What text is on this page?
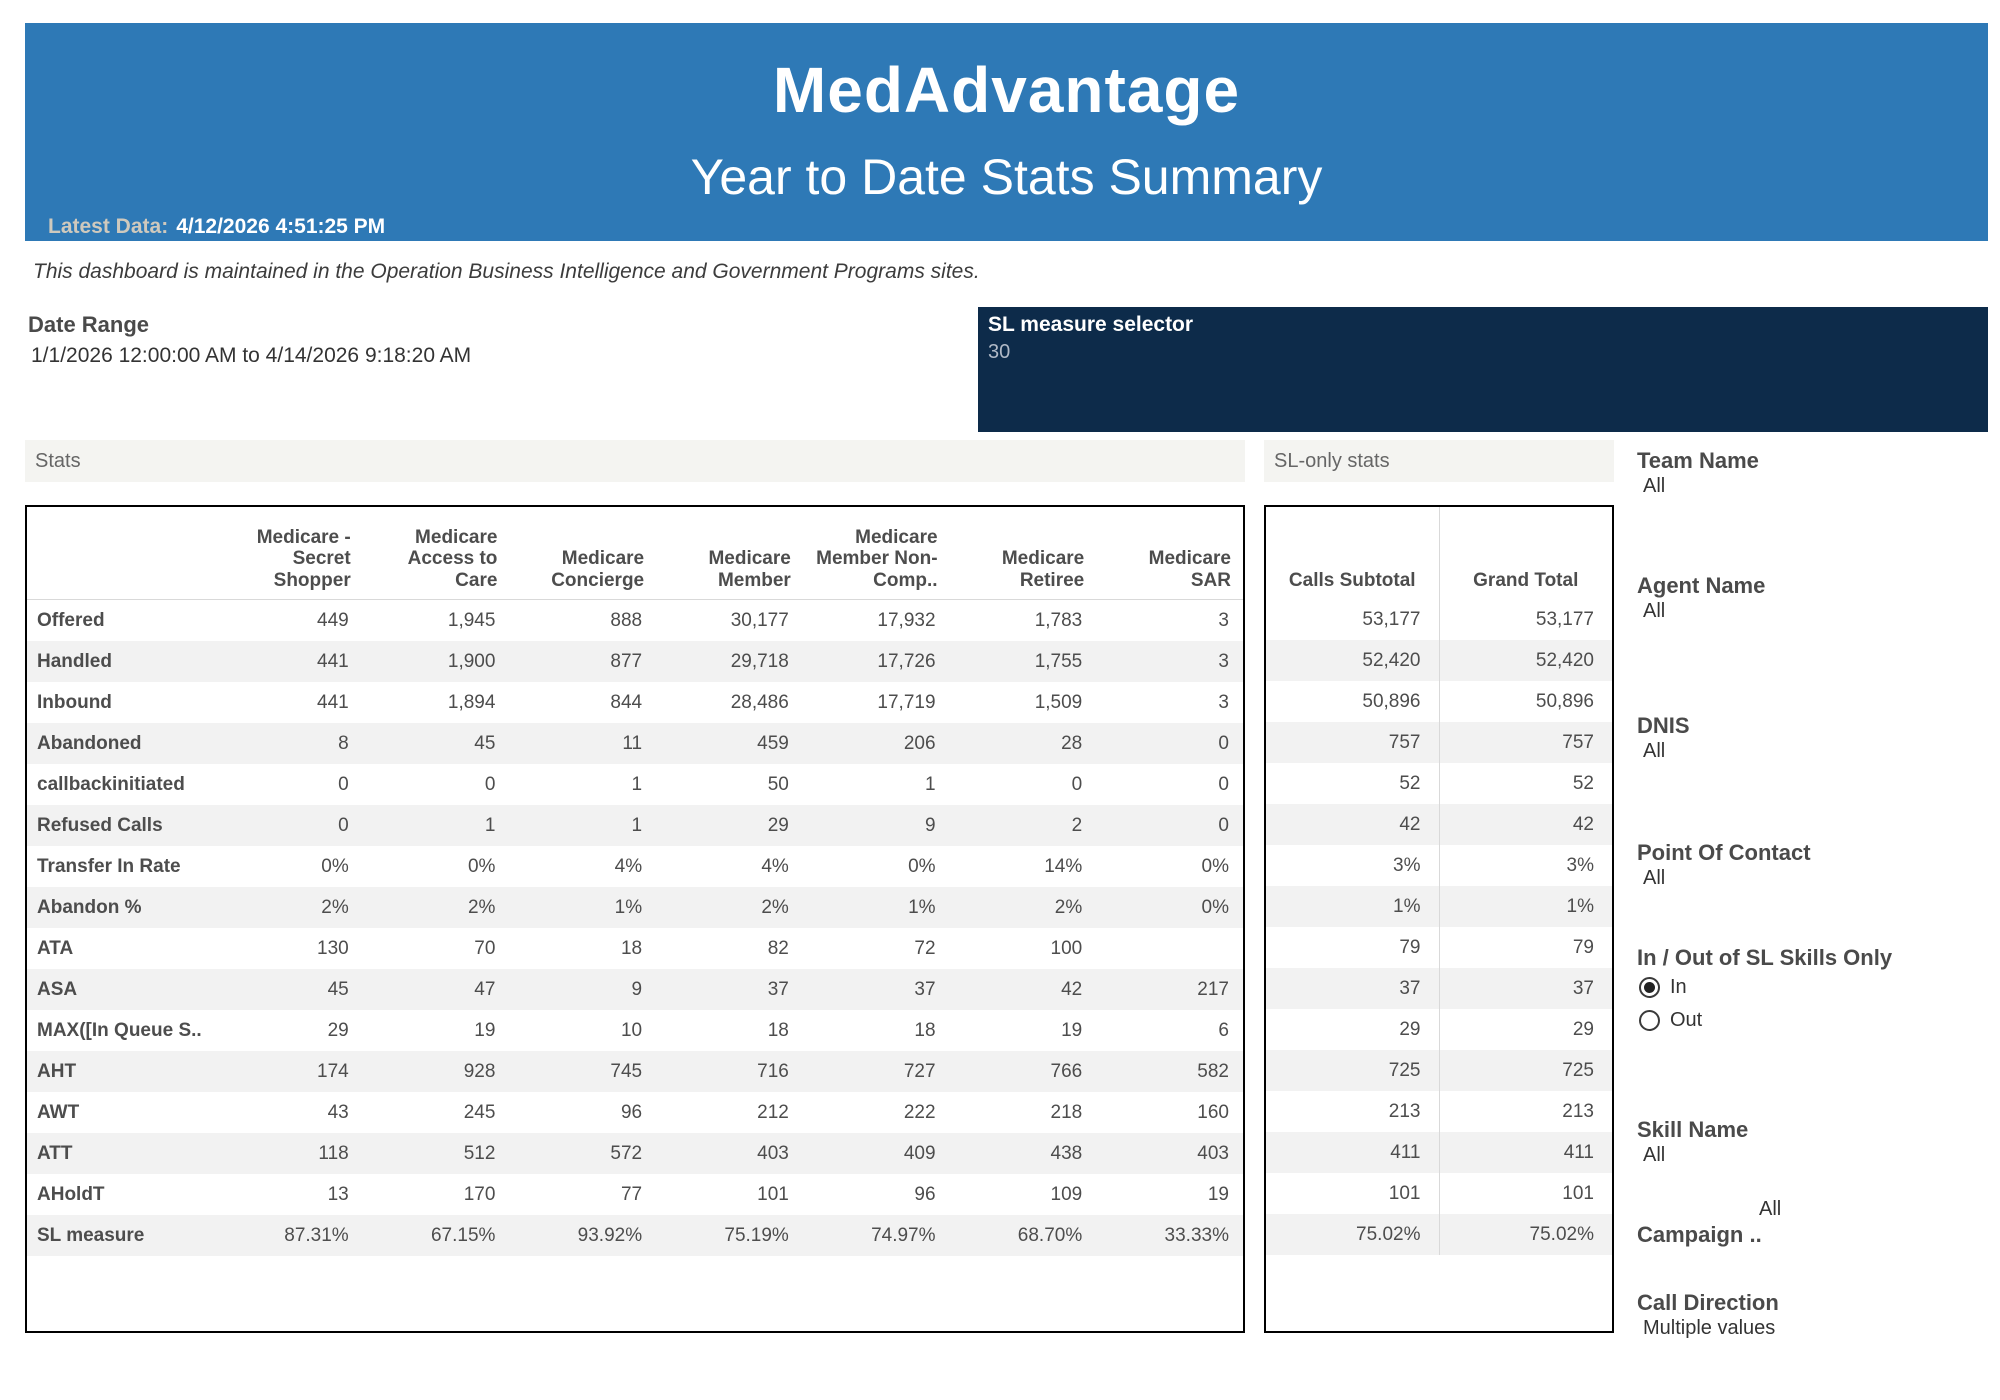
MedAdvantage
Year to Date Stats Summary
Latest Data: 4/12/2026 4:51:25 PM
This dashboard is maintained in the Operation Business Intelligence and Government Programs sites.
Date Range
1/1/2026 12:00:00 AM to 4/14/2026 9:18:20 AM
SL measure selector
30
Stats
	Medicare - Secret Shopper	Medicare Access to Care	Medicare Concierge	Medicare Member	Medicare Member Non-Comp..	Medicare Retiree	Medicare SAR
Offered	449	1,945	888	30,177	17,932	1,783	3
Handled	441	1,900	877	29,718	17,726	1,755	3
Inbound	441	1,894	844	28,486	17,719	1,509	3
Abandoned	8	45	11	459	206	28	0
callbackinitiated	0	0	1	50	1	0	0
Refused Calls	0	1	1	29	9	2	0
Transfer In Rate	0%	0%	4%	4%	0%	14%	0%
Abandon %	2%	2%	1%	2%	1%	2%	0%
ATA	130	70	18	82	72	100	
ASA	45	47	9	37	37	42	217
MAX([In Queue S..	29	19	10	18	18	19	6
AHT	174	928	745	716	727	766	582
AWT	43	245	96	212	222	218	160
ATT	118	512	572	403	409	438	403
AHoldT	13	170	77	101	96	109	19
SL measure	87.31%	67.15%	93.92%	75.19%	74.97%	68.70%	33.33%
SL-only stats
Calls Subtotal	Grand Total
53,177	53,177
52,420	52,420
50,896	50,896
757	757
52	52
42	42
3%	3%
1%	1%
79	79
37	37
29	29
725	725
213	213
411	411
101	101
75.02%	75.02%
Team Name
All
Agent Name
All
DNIS
All
Point Of Contact
All
In / Out of SL Skills Only
In
Out
Skill Name
All
Campaign ..
All
Call Direction
Multiple values
